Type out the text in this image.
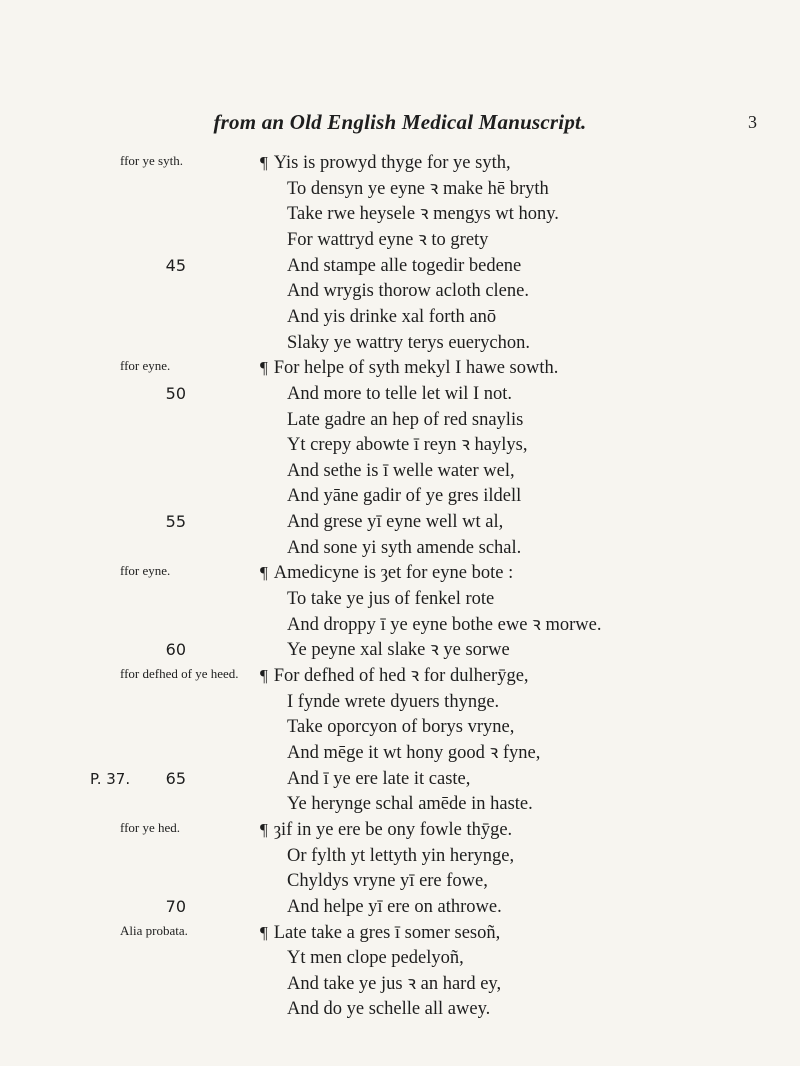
from an Old English Medical Manuscript.	3
ffor ye syth.	¶ Yis is prowyd thyge for ye syth,
To densyn ye eyne ꝛ make hē bryth
Take rwe heysele ꝛ mengys wt hony.
For wattryd eyne ꝛ to grety
45	And stampe alle togedir bedene
And wrygis thorow acloth clene.
And yis drinke xal forth anō
Slaky ye wattry terys euerychon.
ffor eyne.	¶ For helpe of syth mekyl I hawe sowth.
50	And more to telle let wil I not.
Late gadre an hep of red snaylis
Yt crepy abowte ī reyn ꝛ haylys,
And sethe is ī welle water wel,
And yāne gadir of ye gres ildell
55	And grese yī eyne well wt al,
And sone yi syth amende schal.
ffor eyne.	¶ Amedicyne is ȝet for eyne bote :
To take ye jus of fenkel rote
And droppy ī ye eyne bothe ewe ꝛ morwe.
60	Ye peyne xal slake ꝛ ye sorwe
ffor defhed of ye heed.	¶ For defhed of hed ꝛ for dulherȳge,
I fynde wrete dyuers thynge.
Take oporcyon of borys vryne,
And mēge it wt hony good ꝛ fyne,
P. 37.	65	And ī ye ere late it caste,
Ye herynge schal amēde in haste.
ffor ye hed.	¶ ȝif in ye ere be ony fowle thȳge.
Or fylth yt lettyth yin herynge,
Chyldys vryne yī ere fowe,
70	And helpe yī ere on athrowe.
Alia probata.	¶ Late take a gres ī somer sesoñ,
Yt men clope pedelyoñ,
And take ye jus ꝛ an hard ey,
And do ye schelle all awey.
